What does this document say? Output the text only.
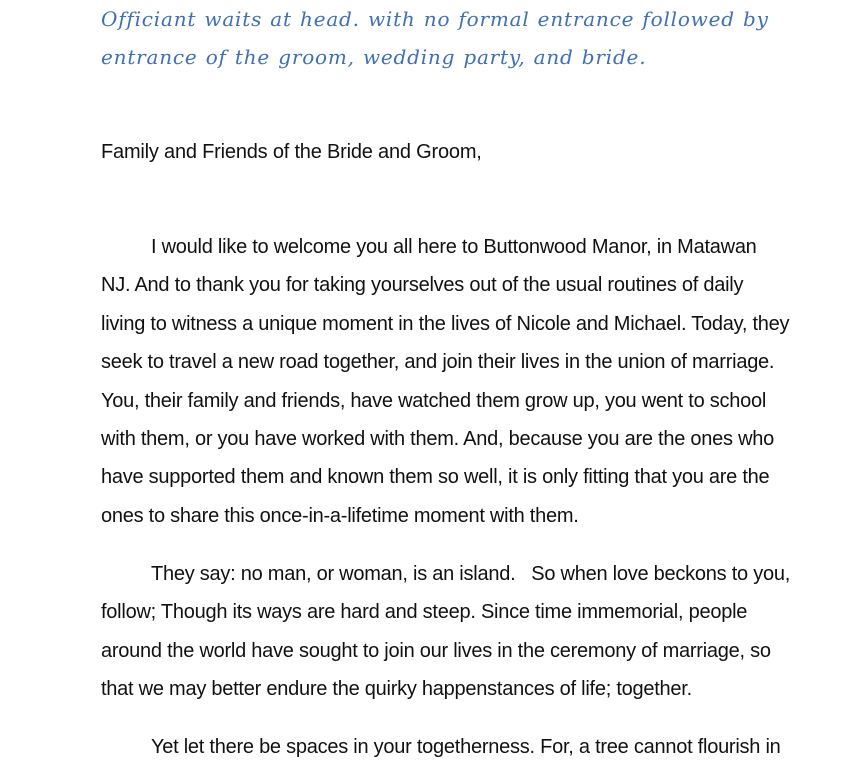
Officiant waits at head. with no formal entrance followed by
entrance of the groom, wedding party, and bride.

Family and Friends of the Bride and Groom,

I would like to welcome you all here to Buttonwood Manor, in Matawan
NJ. And to thank you for taking yourselves out of the usual routines of daily
living to witness a unique moment in the lives of Nicole and Michael. Today, they
seek to travel a new road together, and join their lives in the union of marriage.
You, their family and friends, have watched them grow up, you went to school
with them, or you have worked with them. And, because you are the ones who
have supported them and known them so well, it is only fitting that you are the
ones to share this once-in-a-lifetime moment with them.

They say: no man, or woman, is an island.   So when love beckons to you,
follow; Though its ways are hard and steep. Since time immemorial, people
around the world have sought to join our lives in the ceremony of marriage, so
that we may better endure the quirky happenstances of life; together.

Yet let there be spaces in your togetherness. For, a tree cannot flourish in
